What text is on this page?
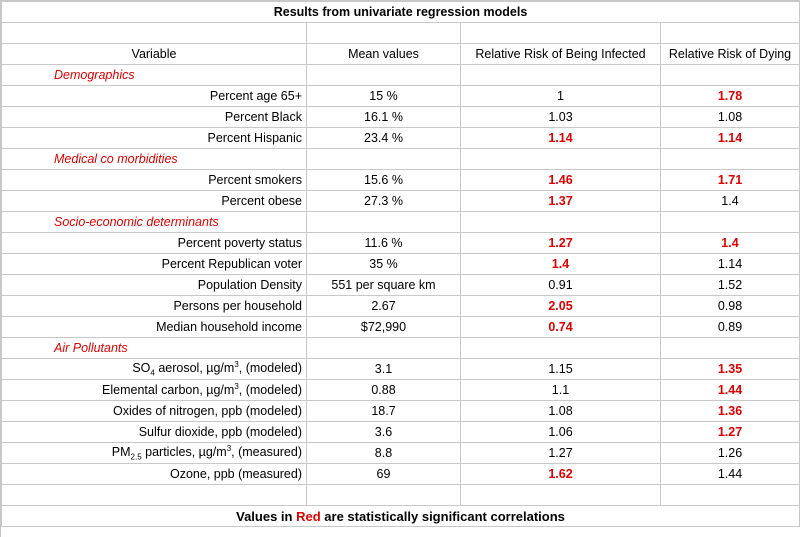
Results from univariate regression models			

Variable	Mean values	Relative Risk of Being Infected	Relative Risk of Dying
Demographics			
Percent age 65+	15 %	1	1.78
Percent Black	16.1 %	1.03	1.08
Percent Hispanic	23.4 %	1.14	1.14
Medical co morbidities			
Percent smokers	15.6 %	1.46	1.71
Percent obese	27.3 %	1.37	1.4
Socio-economic determinants			
Percent poverty status	11.6 %	1.27	1.4
Percent Republican voter	35 %	1.4	1.14
Population Density	551 per square km	0.91	1.52
Persons per household	2.67	2.05	0.98
Median household income	$72,990	0.74	0.89
Air Pollutants			
$SO_4$ aerosol, $\mu g/m^3$, (modeled)	3.1	1.15	1.35
Elemental carbon, $\mu g/m^3$, (modeled)	0.88	1.1	1.44
Oxides of nitrogen, ppb (modeled)	18.7	1.08	1.36
Sulfur dioxide, ppb (modeled)	3.6	1.06	1.27
$PM_{2.5}$ particles, $\mu g/m^3$, (measured)	8.8	1.27	1.26
Ozone, ppb (measured)	69	1.62	1.44

Values in Red are statistically significant correlations			
